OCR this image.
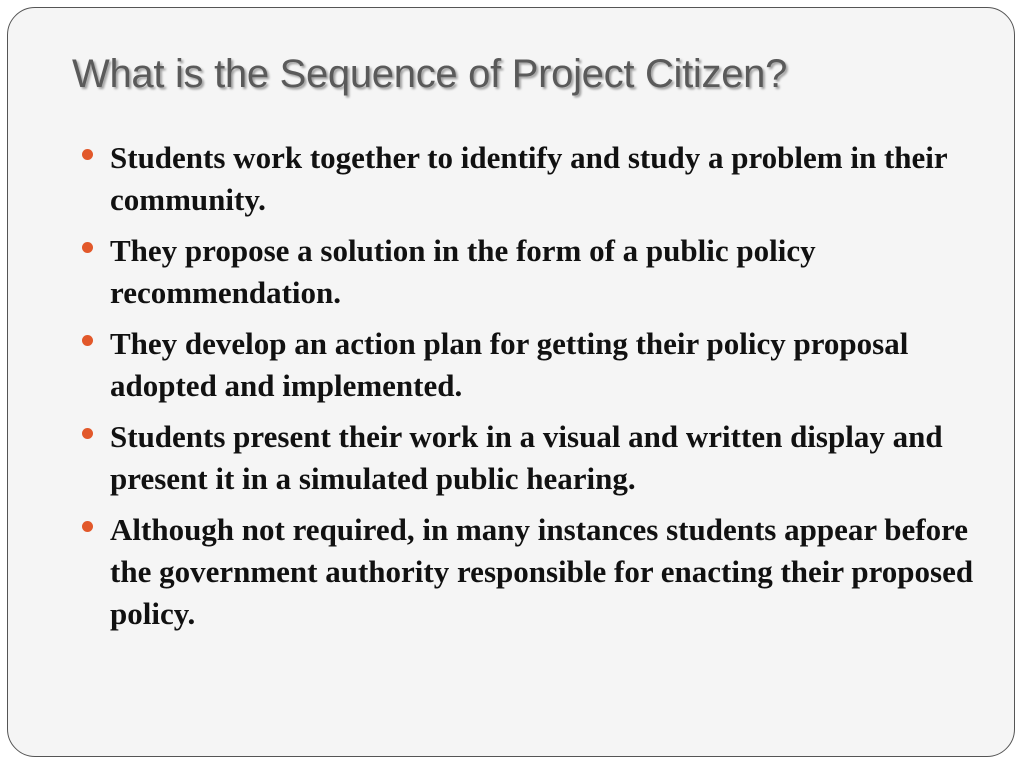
What is the Sequence of Project Citizen?
Students work together to identify and study a problem in their community.
They propose a solution in the form of a public policy recommendation.
They develop an action plan for getting their policy proposal adopted and implemented.
Students present their work in a visual and written display and present it in a simulated public hearing.
Although not required, in many instances students appear before the government authority responsible for enacting their proposed policy.
